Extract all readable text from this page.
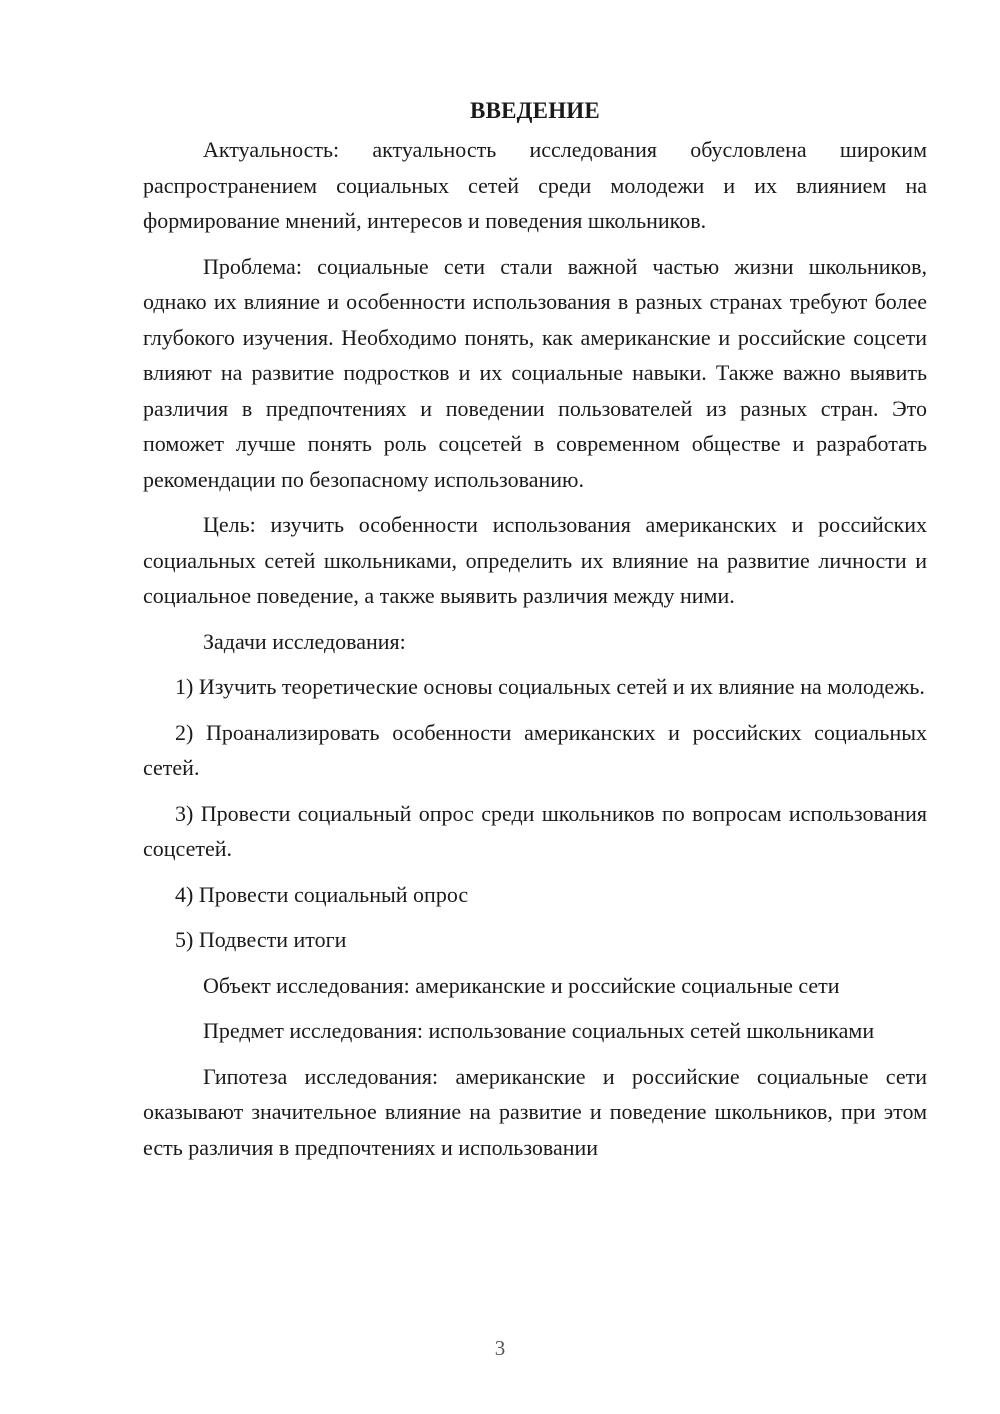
ВВЕДЕНИЕ

Актуальность: актуальность исследования обусловлена широким распространением социальных сетей среди молодежи и их влиянием на формирование мнений, интересов и поведения школьников.

Проблема: социальные сети стали важной частью жизни школьников, однако их влияние и особенности использования в разных странах требуют более глубокого изучения. Необходимо понять, как американские и российские соцсети влияют на развитие подростков и их социальные навыки. Также важно выявить различия в предпочтениях и поведении пользователей из разных стран. Это поможет лучше понять роль соцсетей в современном обществе и разработать рекомендации по безопасному использованию.

Цель: изучить особенности использования американских и российских социальных сетей школьниками, определить их влияние на развитие личности и социальное поведение, а также выявить различия между ними.

Задачи исследования:

1) Изучить теоретические основы социальных сетей и их влияние на молодежь.

2) Проанализировать особенности американских и российских социальных сетей.

3) Провести социальный опрос среди школьников по вопросам использования соцсетей.

4) Провести социальный опрос

5) Подвести итоги

Объект исследования: американские и российские социальные сети

Предмет исследования: использование социальных сетей школьниками

Гипотеза исследования: американские и российские социальные сети оказывают значительное влияние на развитие и поведение школьников, при этом есть различия в предпочтениях и использовании

3
